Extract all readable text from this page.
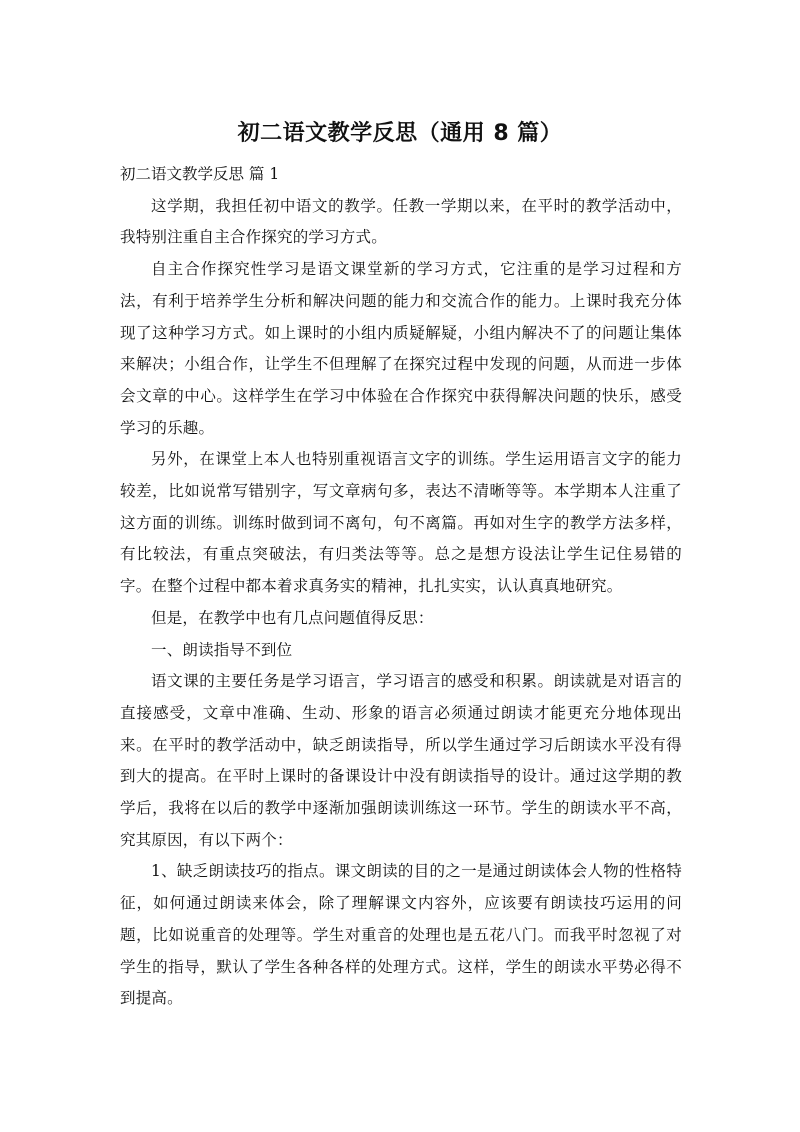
初二语文教学反思（通用 8 篇）

初二语文教学反思 篇 1

这学期，我担任初中语文的教学。任教一学期以来，在平时的教学活动中，我特别注重自主合作探究的学习方式。

自主合作探究性学习是语文课堂新的学习方式，它注重的是学习过程和方法，有利于培养学生分析和解决问题的能力和交流合作的能力。上课时我充分体现了这种学习方式。如上课时的小组内质疑解疑，小组内解决不了的问题让集体来解决；小组合作，让学生不但理解了在探究过程中发现的问题，从而进一步体会文章的中心。这样学生在学习中体验在合作探究中获得解决问题的快乐，感受学习的乐趣。

另外，在课堂上本人也特别重视语言文字的训练。学生运用语言文字的能力较差，比如说常写错别字，写文章病句多，表达不清晰等等。本学期本人注重了这方面的训练。训练时做到词不离句，句不离篇。再如对生字的教学方法多样，有比较法，有重点突破法，有归类法等等。总之是想方设法让学生记住易错的字。在整个过程中都本着求真务实的精神，扎扎实实，认认真真地研究。

但是，在教学中也有几点问题值得反思：

一、朗读指导不到位

语文课的主要任务是学习语言，学习语言的感受和积累。朗读就是对语言的直接感受，文章中准确、生动、形象的语言必须通过朗读才能更充分地体现出来。在平时的教学活动中，缺乏朗读指导，所以学生通过学习后朗读水平没有得到大的提高。在平时上课时的备课设计中没有朗读指导的设计。通过这学期的教学后，我将在以后的教学中逐渐加强朗读训练这一环节。学生的朗读水平不高，究其原因，有以下两个：

1、缺乏朗读技巧的指点。课文朗读的目的之一是通过朗读体会人物的性格特征，如何通过朗读来体会，除了理解课文内容外，应该要有朗读技巧运用的问题，比如说重音的处理等。学生对重音的处理也是五花八门。而我平时忽视了对学生的指导，默认了学生各种各样的处理方式。这样，学生的朗读水平势必得不到提高。
